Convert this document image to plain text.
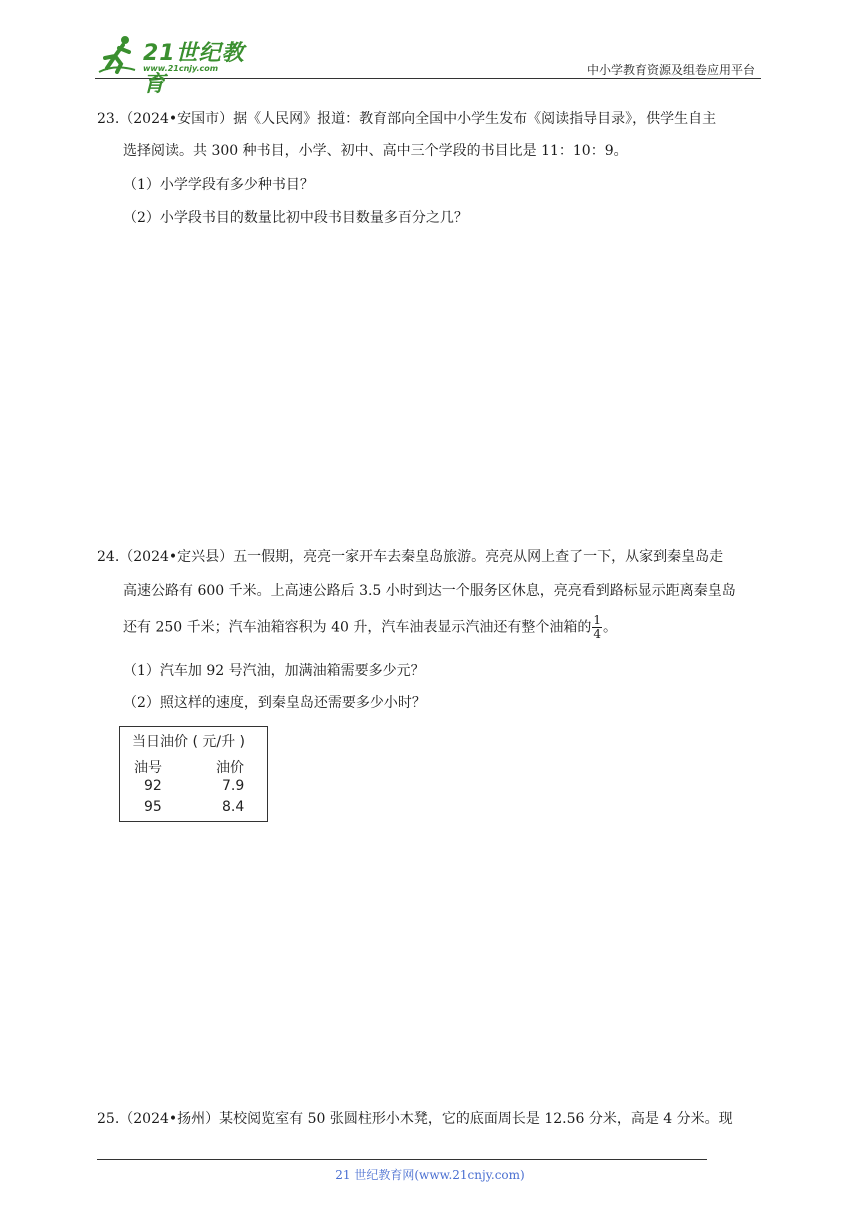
21世纪教育
www.21cnjy.com	中小学教育资源及组卷应用平台
23.（2024•安国市）据《人民网》报道：教育部向全国中小学生发布《阅读指导目录》，供学生自主
选择阅读。共 300 种书目，小学、初中、高中三个学段的书目比是 11：10：9。
（1）小学学段有多少种书目？
（2）小学段书目的数量比初中段书目数量多百分之几？
24.（2024•定兴县）五一假期，亮亮一家开车去秦皇岛旅游。亮亮从网上查了一下，从家到秦皇岛走
高速公路有 600 千米。上高速公路后 3.5 小时到达一个服务区休息，亮亮看到路标显示距离秦皇岛
还有 250 千米；汽车油箱容积为 40 升，汽车油表显示汽油还有整个油箱的 $\frac{1}{4}$ 。
（1）汽车加 92 号汽油，加满油箱需要多少元？
（2）照这样的速度，到秦皇岛还需要多少小时？
当日油价 ( 元/升 )
油号	油价
92	7.9
95	8.4
25.（2024•扬州）某校阅览室有 50 张圆柱形小木凳，它的底面周长是 12.56 分米，高是 4 分米。现
21 世纪教育网(www.21cnjy.com)
